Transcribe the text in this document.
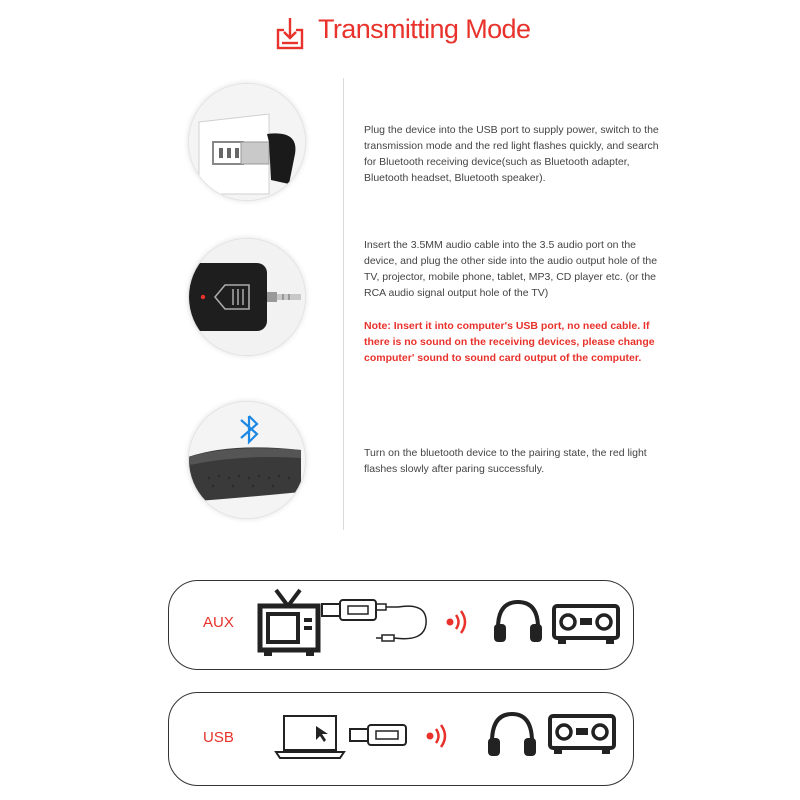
Transmitting Mode
Plug the device into the USB port to supply power, switch to the transmission mode and the red light flashes quickly, and search for Bluetooth receiving device(such as Bluetooth adapter, Bluetooth headset, Bluetooth speaker).
Insert the 3.5MM audio cable into the 3.5 audio port on the device, and plug the other side into the audio output hole of the TV, projector, mobile phone, tablet, MP3, CD player etc. (or the RCA audio signal output hole of the TV)
Note: Insert it into computer's USB port, no need cable. If there is no sound on the receiving devices, please change computer' sound to sound card output of the computer.
Turn on the bluetooth device to the pairing state, the red light flashes slowly after paring successfuly.
AUX
USB
